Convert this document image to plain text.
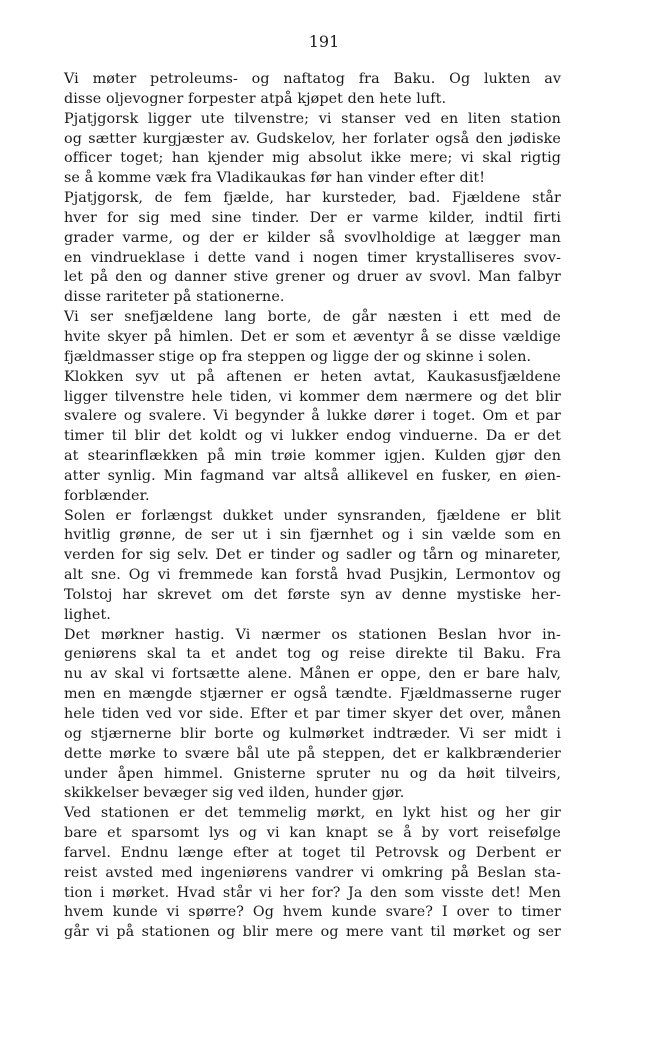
191
Vi møter petroleums- og naftatog fra Baku. Og lukten av
disse oljevogner forpester atpå kjøpet den hete luft.
Pjatjgorsk ligger ute tilvenstre; vi stanser ved en liten station
og sætter kurgjæster av. Gudskelov, her forlater også den jødiske
officer toget; han kjender mig absolut ikke mere; vi skal rigtig
se å komme væk fra Vladikaukas før han vinder efter dit!
Pjatjgorsk, de fem fjælde, har kursteder, bad. Fjældene står
hver for sig med sine tinder. Der er varme kilder, indtil firti
grader varme, og der er kilder så svovlholdige at lægger man
en vindrueklase i dette vand i nogen timer krystalliseres svov-
let på den og danner stive grener og druer av svovl. Man falbyr
disse rariteter på stationerne.
Vi ser snefjældene lang borte, de går næsten i ett med de
hvite skyer på himlen. Det er som et æventyr å se disse vældige
fjældmasser stige op fra steppen og ligge der og skinne i solen.
Klokken syv ut på aftenen er heten avtat, Kaukasusfjældene
ligger tilvenstre hele tiden, vi kommer dem nærmere og det blir
svalere og svalere. Vi begynder å lukke dører i toget. Om et par
timer til blir det koldt og vi lukker endog vinduerne. Da er det
at stearinflækken på min trøie kommer igjen. Kulden gjør den
atter synlig. Min fagmand var altså allikevel en fusker, en øien-
forblænder.
Solen er forlængst dukket under synsranden, fjældene er blit
hvitlig grønne, de ser ut i sin fjærnhet og i sin vælde som en
verden for sig selv. Det er tinder og sadler og tårn og minareter,
alt sne. Og vi fremmede kan forstå hvad Pusjkin, Lermontov og
Tolstoj har skrevet om det første syn av denne mystiske her-
lighet.
Det mørkner hastig. Vi nærmer os stationen Beslan hvor in-
geniørens skal ta et andet tog og reise direkte til Baku. Fra
nu av skal vi fortsætte alene. Månen er oppe, den er bare halv,
men en mængde stjærner er også tændte. Fjældmasserne ruger
hele tiden ved vor side. Efter et par timer skyer det over, månen
og stjærnerne blir borte og kulmørket indtræder. Vi ser midt i
dette mørke to svære bål ute på steppen, det er kalkbrænderier
under åpen himmel. Gnisterne spruter nu og da høit tilveirs,
skikkelser bevæger sig ved ilden, hunder gjør.
Ved stationen er det temmelig mørkt, en lykt hist og her gir
bare et sparsomt lys og vi kan knapt se å by vort reisefølge
farvel. Endnu længe efter at toget til Petrovsk og Derbent er
reist avsted med ingeniørens vandrer vi omkring på Beslan sta-
tion i mørket. Hvad står vi her for? Ja den som visste det! Men
hvem kunde vi spørre? Og hvem kunde svare? I over to timer
går vi på stationen og blir mere og mere vant til mørket og ser
